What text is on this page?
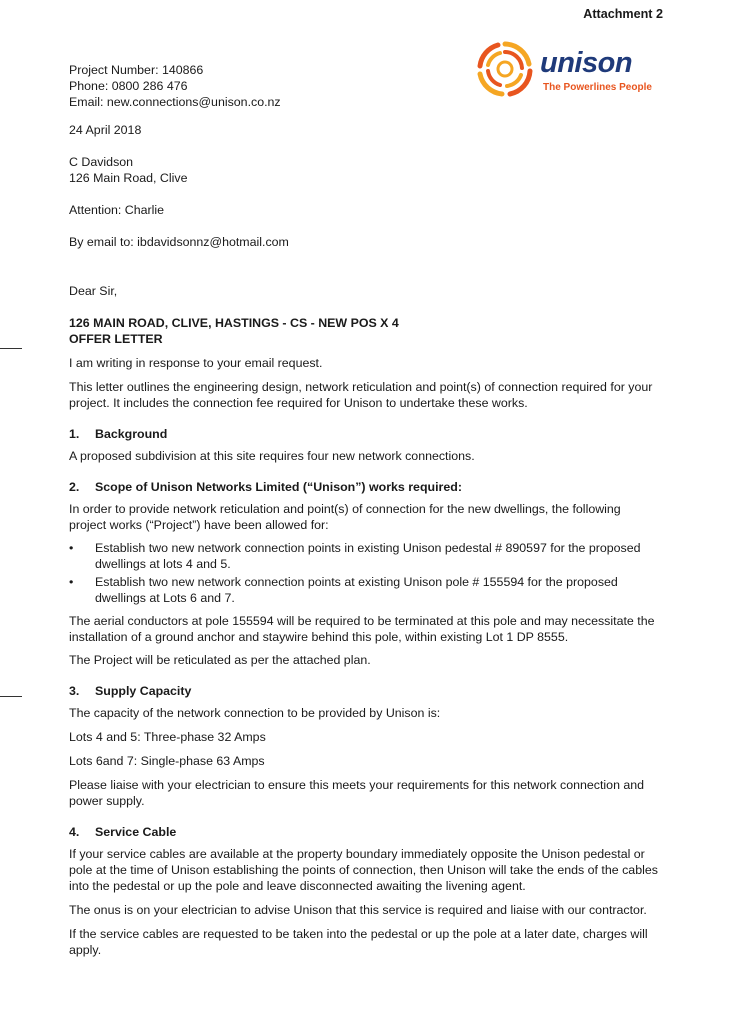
Attachment 2
unison
The Powerlines People
Project Number: 140866
Phone: 0800 286 476
Email: new.connections@unison.co.nz

24 April 2018

C Davidson
126 Main Road, Clive

Attention: Charlie

By email to: ibdavidsonnz@hotmail.com

Dear Sir,

126 MAIN ROAD, CLIVE, HASTINGS - CS - NEW POS X 4
OFFER LETTER

I am writing in response to your email request.

This letter outlines the engineering design, network reticulation and point(s) of connection required for your project. It includes the connection fee required for Unison to undertake these works.

1. Background

A proposed subdivision at this site requires four new network connections.

2. Scope of Unison Networks Limited (“Unison”) works required:

In order to provide network reticulation and point(s) of connection for the new dwellings, the following project works (“Project”) have been allowed for:

• Establish two new network connection points in existing Unison pedestal # 890597 for the proposed dwellings at lots 4 and 5.
• Establish two new network connection points at existing Unison pole # 155594 for the proposed dwellings at Lots 6 and 7.

The aerial conductors at pole 155594 will be required to be terminated at this pole and may necessitate the installation of a ground anchor and staywire behind this pole, within existing Lot 1 DP 8555.

The Project will be reticulated as per the attached plan.

3. Supply Capacity

The capacity of the network connection to be provided by Unison is:

Lots 4 and 5: Three-phase 32 Amps

Lots 6and 7: Single-phase 63 Amps

Please liaise with your electrician to ensure this meets your requirements for this network connection and power supply.

4. Service Cable

If your service cables are available at the property boundary immediately opposite the Unison pedestal or pole at the time of Unison establishing the points of connection, then Unison will take the ends of the cables into the pedestal or up the pole and leave disconnected awaiting the livening agent.

The onus is on your electrician to advise Unison that this service is required and liaise with our contractor.

If the service cables are requested to be taken into the pedestal or up the pole at a later date, charges will apply.
